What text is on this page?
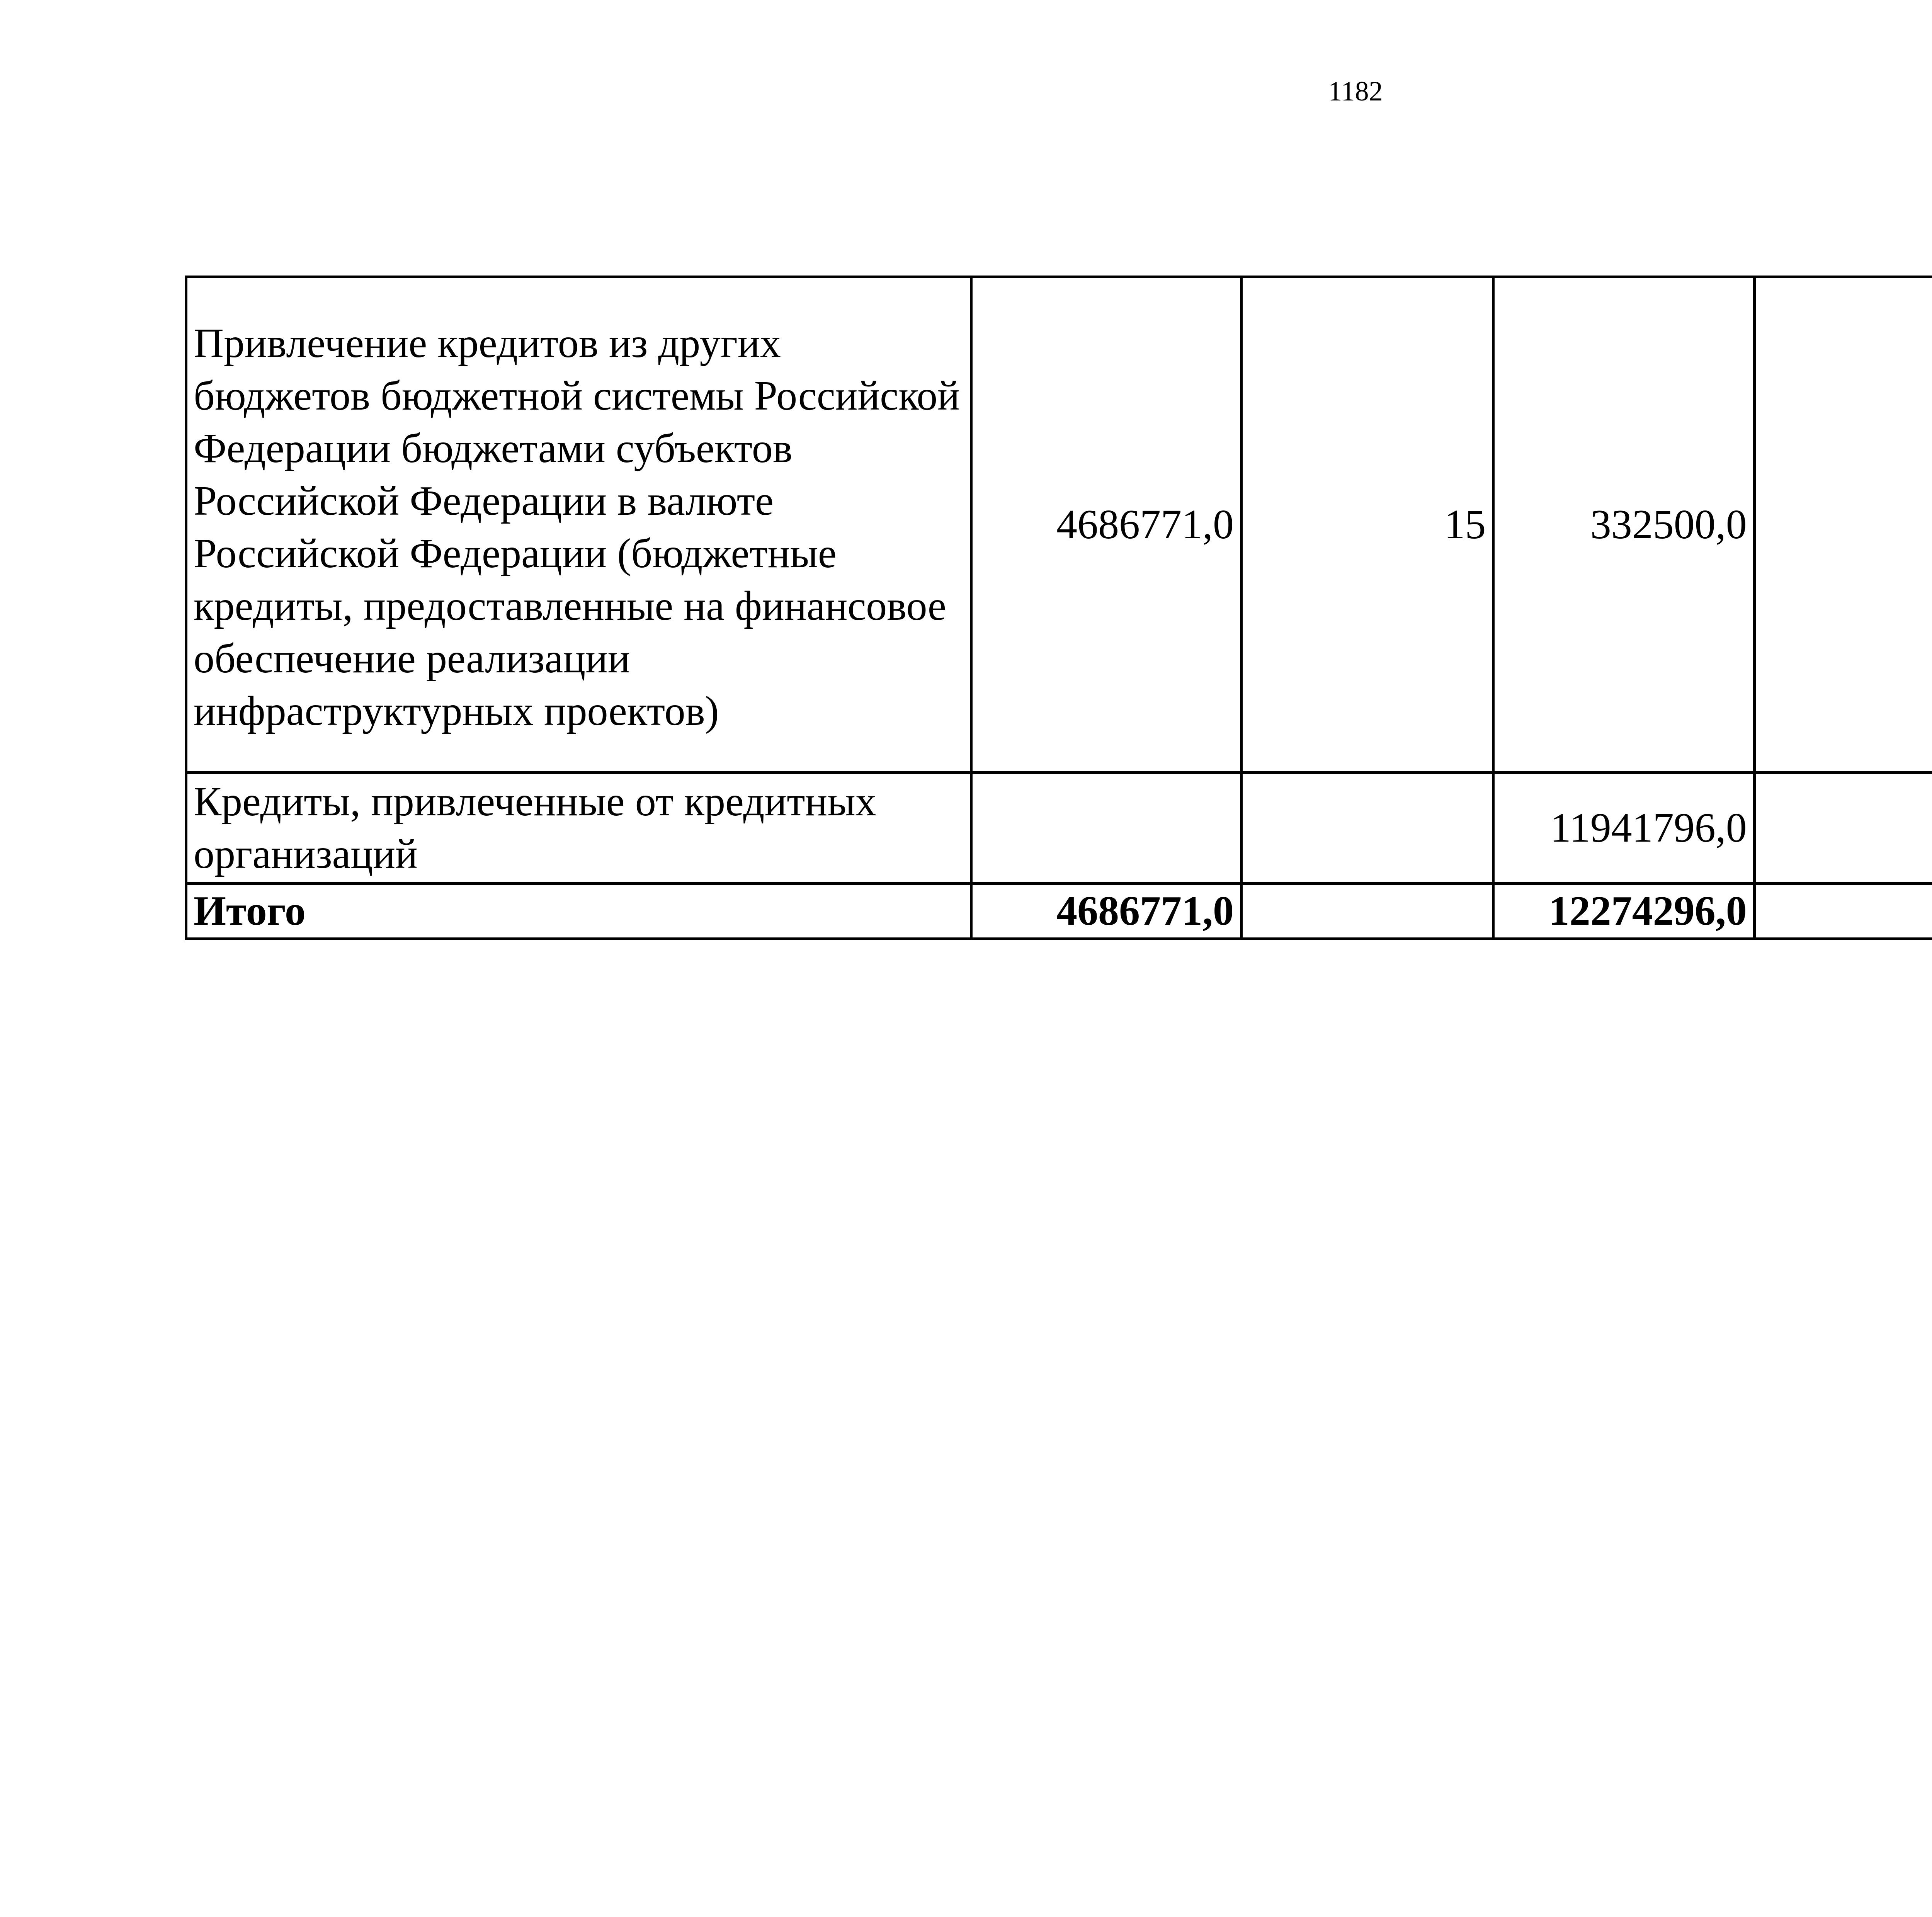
1182
Привлечение кредитов из других бюджетов бюджетной системы Российской Федерации бюджетами субъектов Российской Федерации в валюте Российской Федерации (бюджетные кредиты, предоставленные на финансовое обеспечение реализации инфраструктурных проектов)	4686771,0	15	332500,0			
Кредиты, привлеченные от кредитных организаций			11941796,0			
Итого	4686771,0		12274296,0			
